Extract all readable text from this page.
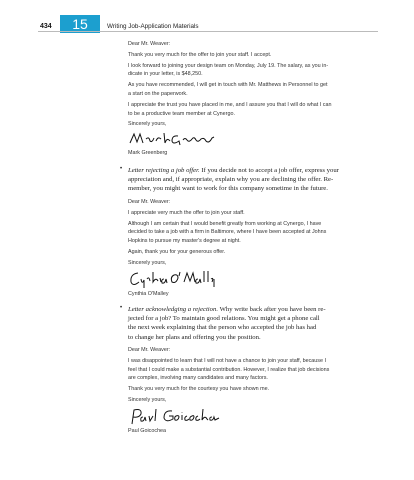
434	15	Writing Job-Application Materials

Dear Mr. Weaver:

Thank you very much for the offer to join your staff. I accept.

I look forward to joining your design team on Monday, July 19. The salary, as you in-

dicate in your letter, is $48,250.

As you have recommended, I will get in touch with Mr. Matthews in Personnel to get

a start on the paperwork.

I appreciate the trust you have placed in me, and I assure you that I will do what I can

to be a productive team member at Cynergo.

Sincerely yours,

Mark Greenberg

• Letter rejecting a job offer. If you decide not to accept a job offer, express your

appreciation and, if appropriate, explain why you are declining the offer. Re-

member, you might want to work for this company sometime in the future.

Dear Mr. Weaver:

I appreciate very much the offer to join your staff.

Although I am certain that I would benefit greatly from working at Cynergo, I have

decided to take a job with a firm in Baltimore, where I have been accepted at Johns

Hopkins to pursue my master's degree at night.

Again, thank you for your generous offer.

Sincerely yours,

Cynthia O'Malley

• Letter acknowledging a rejection. Why write back after you have been re-

jected for a job? To maintain good relations. You might get a phone call

the next week explaining that the person who accepted the job has had

to change her plans and offering you the position.

Dear Mr. Weaver:

I was disappointed to learn that I will not have a chance to join your staff, because I

feel that I could make a substantial contribution. However, I realize that job decisions

are complex, involving many candidates and many factors.

Thank you very much for the courtesy you have shown me.

Sincerely yours,

Paul Goicochea
